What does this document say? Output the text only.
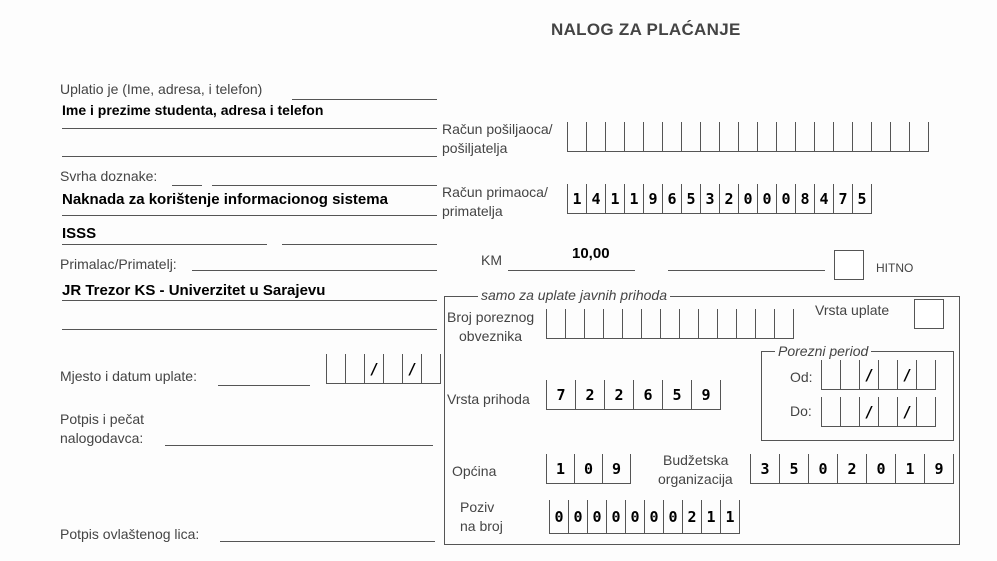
NALOG ZA PLAĆANJE
Uplatio je (Ime, adresa, i telefon)
Ime i prezime studenta, adresa i telefon
Svrha doznake:
Naknada za korištenje informacionog sistema
ISSS
Primalac/Primatelj:
JR Trezor KS - Univerzitet u Sarajevu
Mjesto i datum uplate:	/	/
Potpis i pečat
nalogodavca:
Potpis ovlaštenog lica:
Račun pošiljaoca/
pošiljatelja
Račun primaoca/
primatelja
1 4 1 1 9 6 5 3 2 0 0 0 8 4 7 5
KM	10,00
HITNO
samo za uplate javnih prihoda
Broj poreznog
obveznika
Vrsta uplate
Porezni period
Od:	/	/
Do:	/	/
Vrsta prihoda	7	2	2	6	5	9
Općina	1	0	9	Budžetska
organizacija
3	5	0	2	0	1	9
Poziv
na broj
0 0 0 0 0 0 0 2 1 1
